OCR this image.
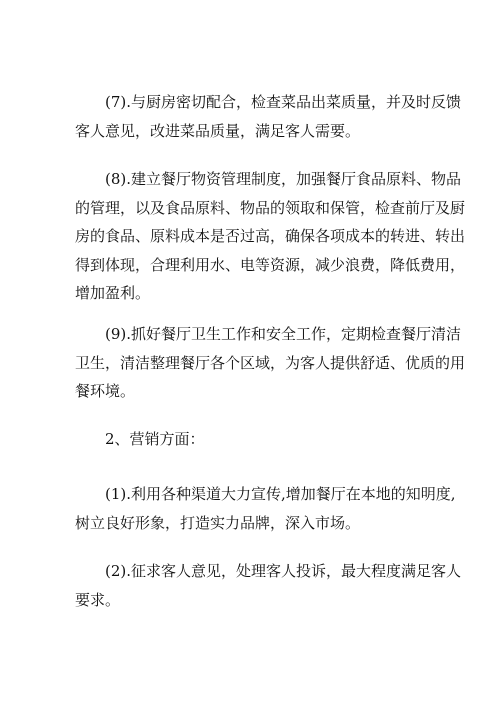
(7).与厨房密切配合，检查菜品出菜质量，并及时反馈
客人意见，改进菜品质量，满足客人需要。
(8).建立餐厅物资管理制度，加强餐厅食品原料、物品
的管理，以及食品原料、物品的领取和保管，检查前厅及厨
房的食品、原料成本是否过高，确保各项成本的转进、转出
得到体现，合理利用水、电等资源，减少浪费，降低费用，
增加盈利。
(9).抓好餐厅卫生工作和安全工作，定期检查餐厅清洁
卫生，清洁整理餐厅各个区域，为客人提供舒适、优质的用
餐环境。
2、营销方面：
(1).利用各种渠道大力宣传,增加餐厅在本地的知明度,
树立良好形象，打造实力品牌，深入市场。
(2).征求客人意见，处理客人投诉，最大程度满足客人
要求。
